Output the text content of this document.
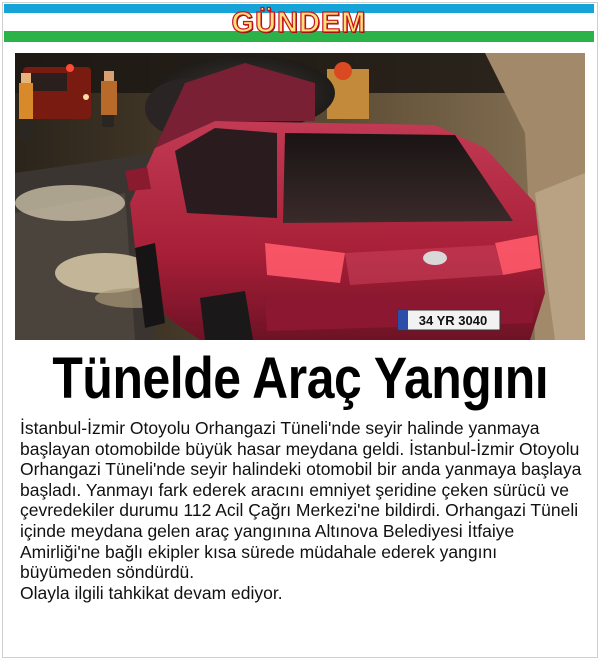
GÜNDEM
34 YR 3040
Tünelde Araç Yangını

İstanbul-İzmir Otoyolu Orhangazi Tüneli'nde seyir halinde yanmaya başlayan otomobilde büyük hasar meydana geldi. İstanbul-İzmir Otoyolu Orhangazi Tüneli'nde seyir halindeki otomobil bir anda yanmaya başlaya başladı. Yanmayı fark ederek aracını emniyet şeridine çeken sürücü ve çevredekiler durumu 112 Acil Çağrı Merkezi'ne bildirdi. Orhangazi Tüneli içinde meydana gelen araç yangınına Altınova Belediyesi İtfaiye Amirliği'ne bağlı ekipler kısa sürede müdahale ederek yangını büyümeden söndürdü.

Olayla ilgili tahkikat devam ediyor.
